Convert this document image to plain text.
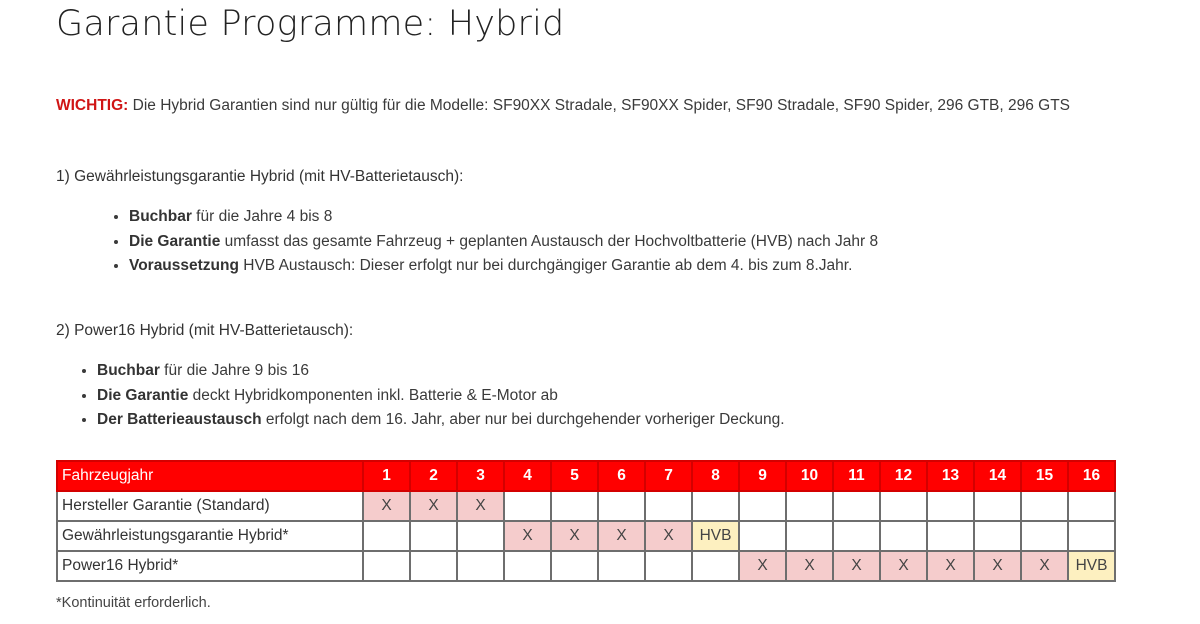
Garantie Programme: Hybrid
WICHTIG: Die Hybrid Garantien sind nur gültig für die Modelle: SF90XX Stradale, SF90XX Spider, SF90 Stradale, SF90 Spider, 296 GTB, 296 GTS
1) Gewährleistungsgarantie Hybrid (mit HV-Batterietausch):
• Buchbar für die Jahre 4 bis 8
• Die Garantie umfasst das gesamte Fahrzeug + geplanten Austausch der Hochvoltbatterie (HVB) nach Jahr 8
• Voraussetzung HVB Austausch: Dieser erfolgt nur bei durchgängiger Garantie ab dem 4. bis zum 8.Jahr.
2) Power16 Hybrid (mit HV-Batterietausch):
• Buchbar für die Jahre 9 bis 16
• Die Garantie deckt Hybridkomponenten inkl. Batterie & E-Motor ab
• Der Batterieaustausch erfolgt nach dem 16. Jahr, aber nur bei durchgehender vorheriger Deckung.
Fahrzeugjahr	1	2	3	4	5	6	7	8	9	10	11	12	13	14	15	16
Hersteller Garantie (Standard)	X	X	X													
Gewährleistungsgarantie Hybrid*				X	X	X	X	HVB								
Power16 Hybrid*									X	X	X	X	X	X	X	HVB
*Kontinuität erforderlich.
